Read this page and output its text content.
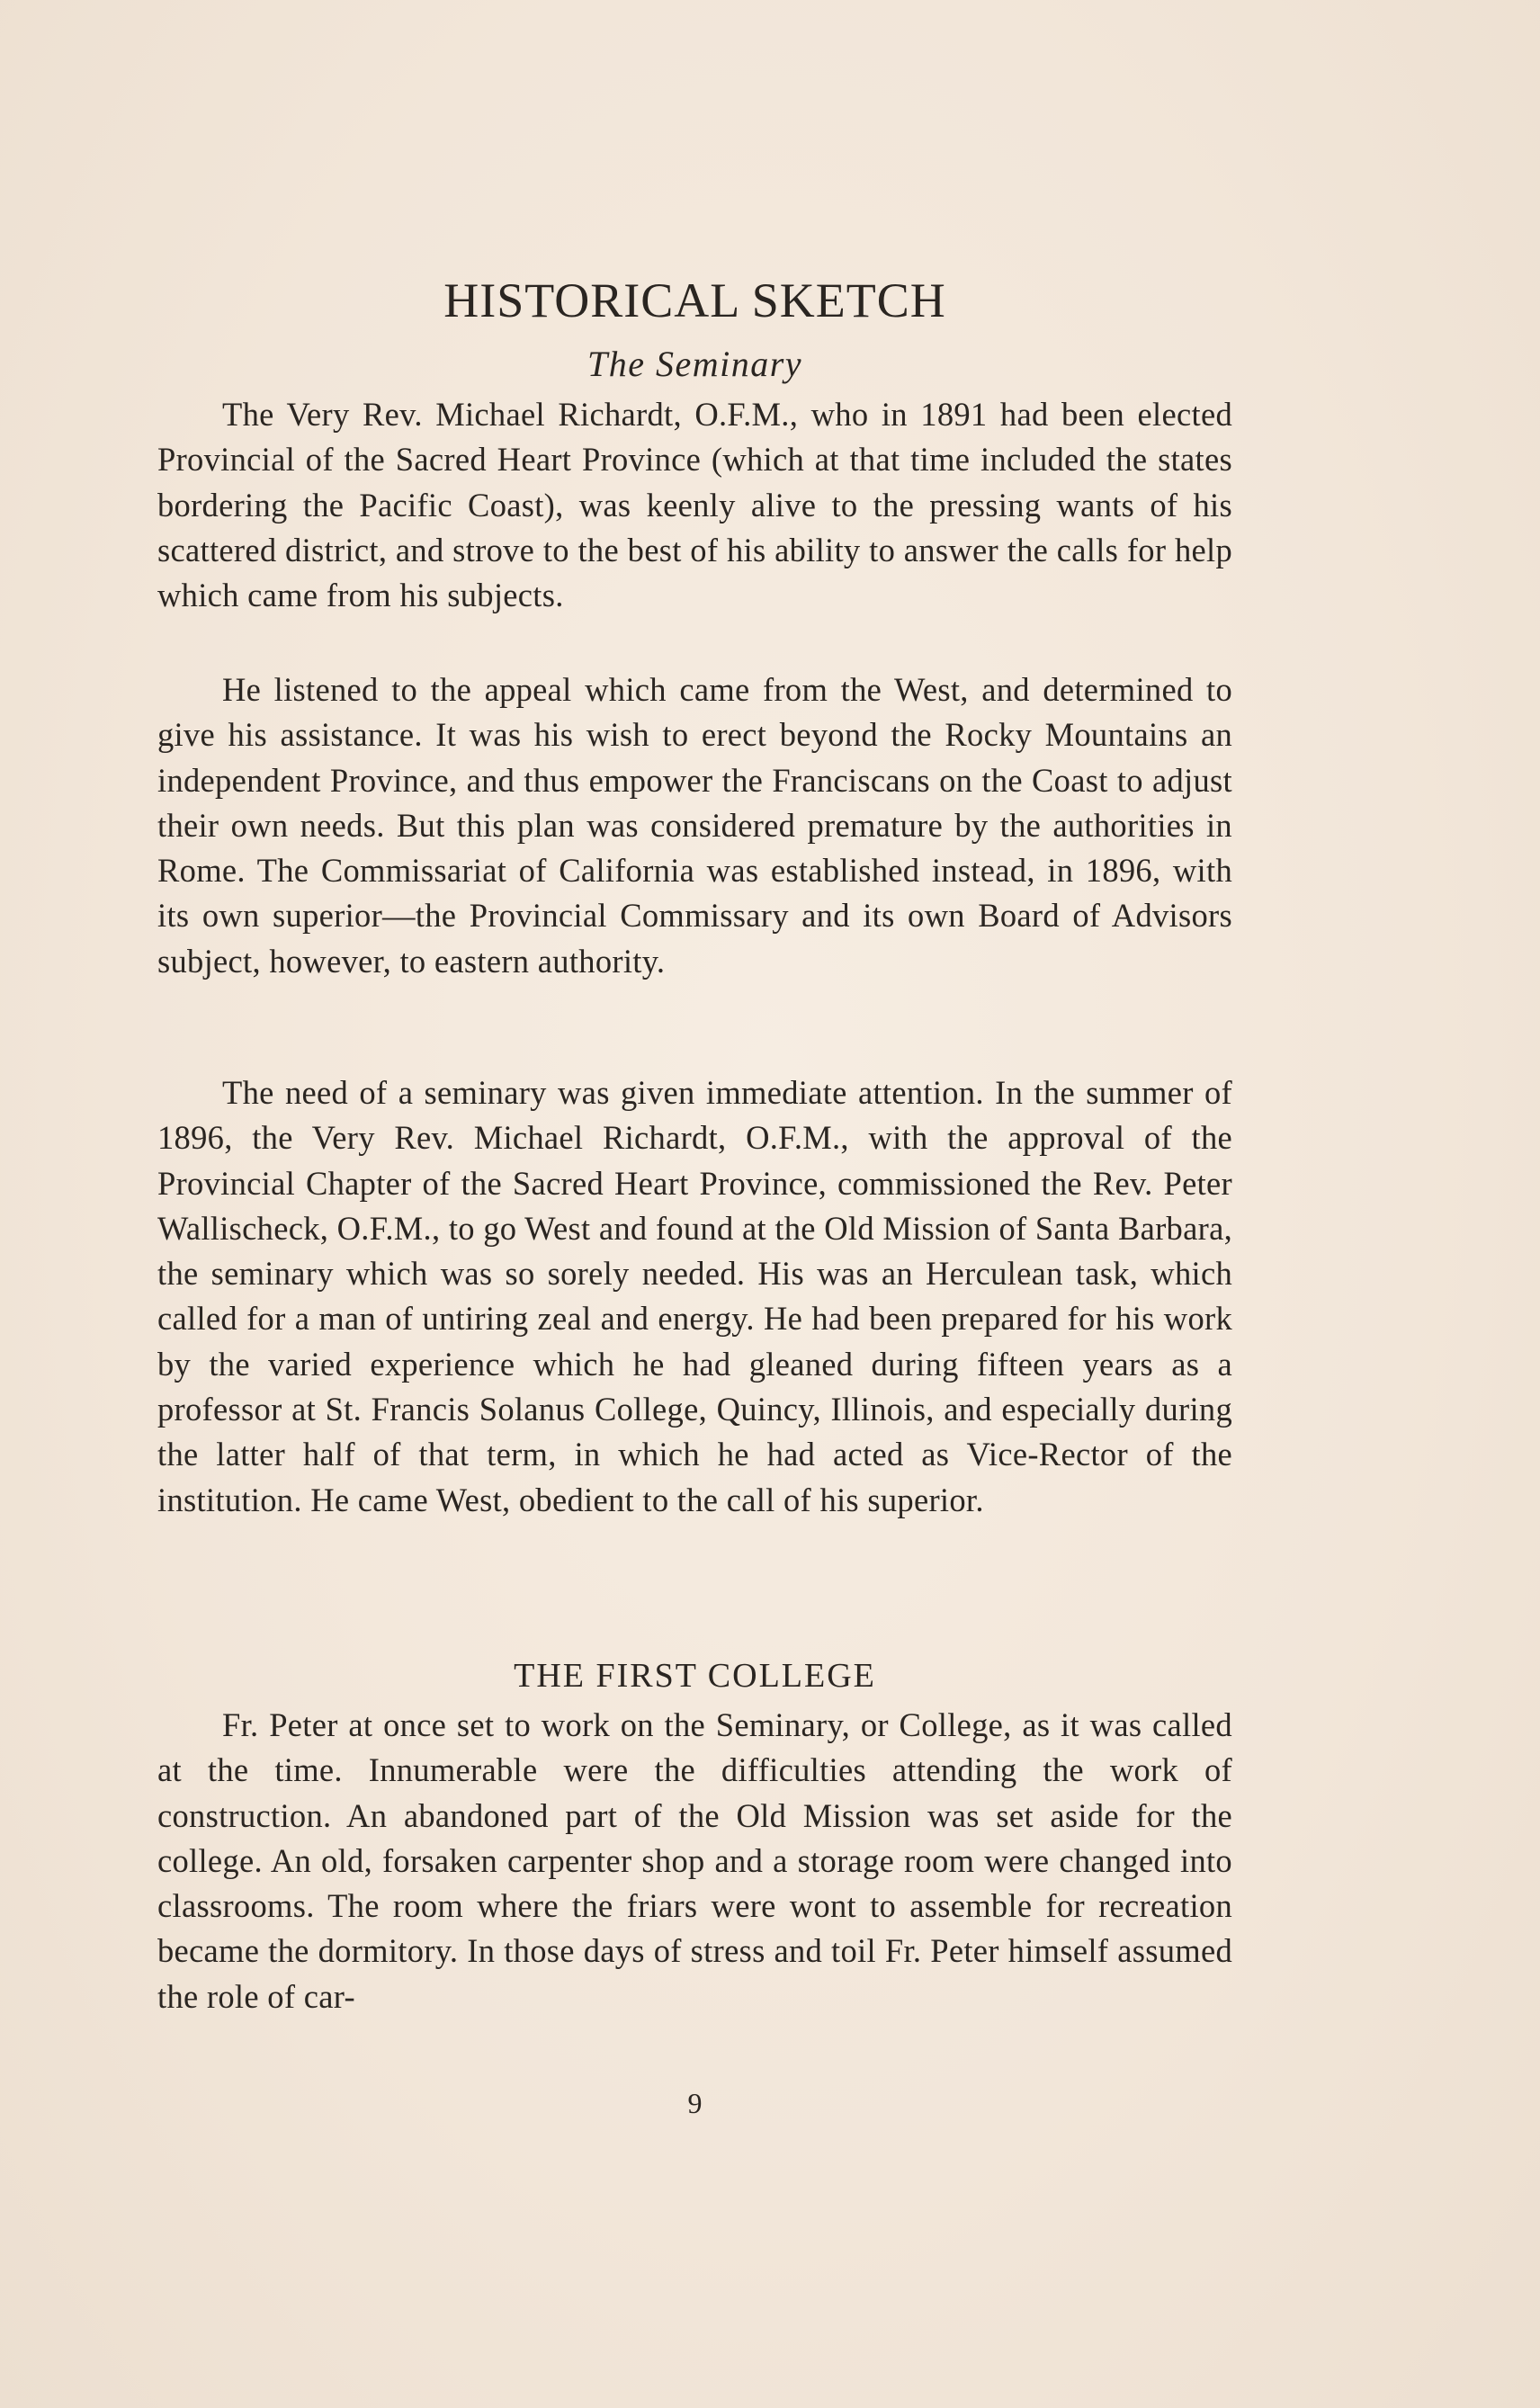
HISTORICAL SKETCH
The Seminary

The Very Rev. Michael Richardt, O.F.M., who in 1891 had been elected Provincial of the Sacred Heart Province (which at that time included the states bordering the Pacific Coast), was keenly alive to the pressing wants of his scattered district, and strove to the best of his ability to answer the calls for help which came from his subjects.

He listened to the appeal which came from the West, and determined to give his assistance. It was his wish to erect beyond the Rocky Mountains an independent Province, and thus empower the Franciscans on the Coast to adjust their own needs. But this plan was considered premature by the authorities in Rome. The Commissariat of California was established instead, in 1896, with its own superior—the Provincial Commissary and its own Board of Advisors subject, however, to eastern authority.

The need of a seminary was given immediate attention. In the summer of 1896, the Very Rev. Michael Richardt, O.F.M., with the approval of the Provincial Chapter of the Sacred Heart Province, commissioned the Rev. Peter Wallischeck, O.F.M., to go West and found at the Old Mission of Santa Barbara, the seminary which was so sorely needed. His was an Herculean task, which called for a man of untiring zeal and energy. He had been prepared for his work by the varied experience which he had gleaned during fifteen years as a professor at St. Francis Solanus College, Quincy, Illinois, and especially during the latter half of that term, in which he had acted as Vice-Rector of the institution. He came West, obedient to the call of his superior.

THE FIRST COLLEGE

Fr. Peter at once set to work on the Seminary, or College, as it was called at the time. Innumerable were the difficulties attending the work of construction. An abandoned part of the Old Mission was set aside for the college. An old, forsaken carpenter shop and a storage room were changed into classrooms. The room where the friars were wont to assemble for recreation became the dormitory. In those days of stress and toil Fr. Peter himself assumed the role of car-

9
